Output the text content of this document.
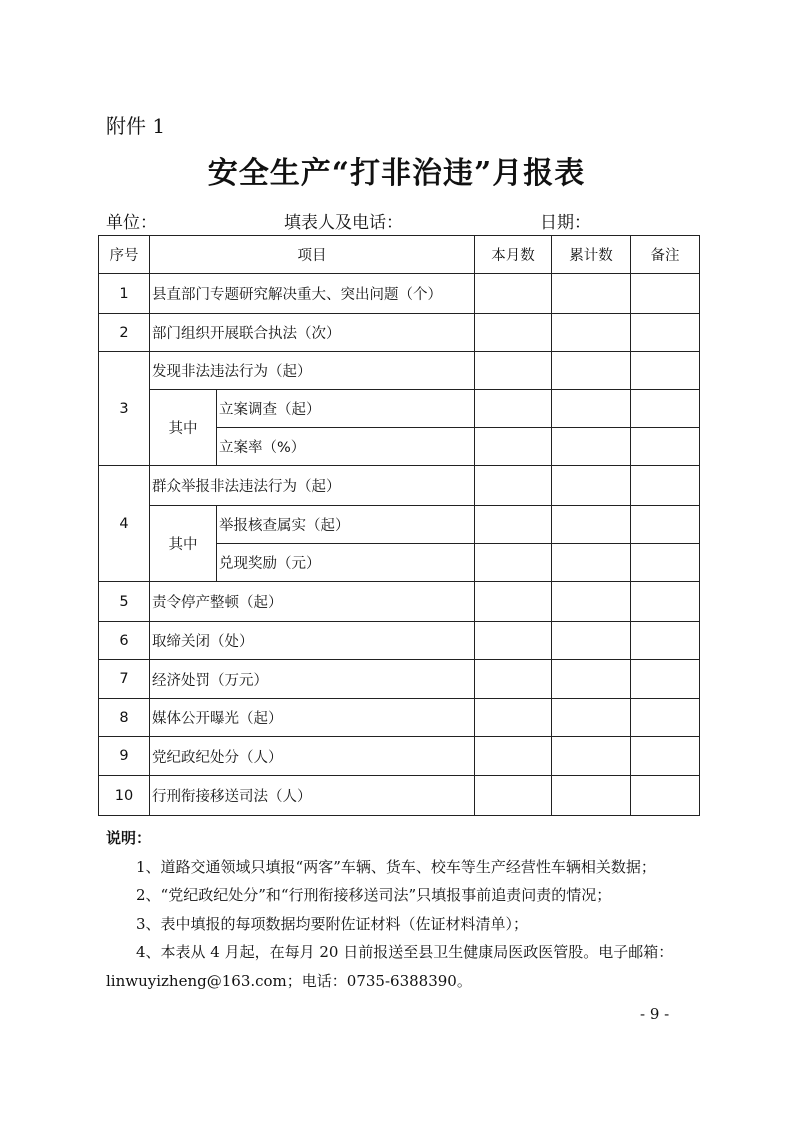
附件 1
安全生产“打非治违”月报表
单位：	填表人及电话：	日期：
序号	项目		本月数	累计数	备注
1	县直部门专题研究解决重大、突出问题（个）				
2	部门组织开展联合执法（次）				
3	发现非法违法行为（起）				
	其中	立案调查（起）			
		立案率（%）			
4	群众举报非法违法行为（起）				
	其中	举报核查属实（起）			
		兑现奖励（元）			
5	责令停产整顿（起）				
6	取缔关闭（处）				
7	经济处罚（万元）				
8	媒体公开曝光（起）				
9	党纪政纪处分（人）				
10	行刑衔接移送司法（人）				
说明：
1、道路交通领域只填报“两客”车辆、货车、校车等生产经营性车辆相关数据；
2、“党纪政纪处分”和“行刑衔接移送司法”只填报事前追责问责的情况；
3、表中填报的每项数据均要附佐证材料（佐证材料清单）；
4、本表从 4 月起，在每月 20 日前报送至县卫生健康局医政医管股。电子邮箱：
linwuyizheng@163.com；电话：0735-6388390。
- 9 -
